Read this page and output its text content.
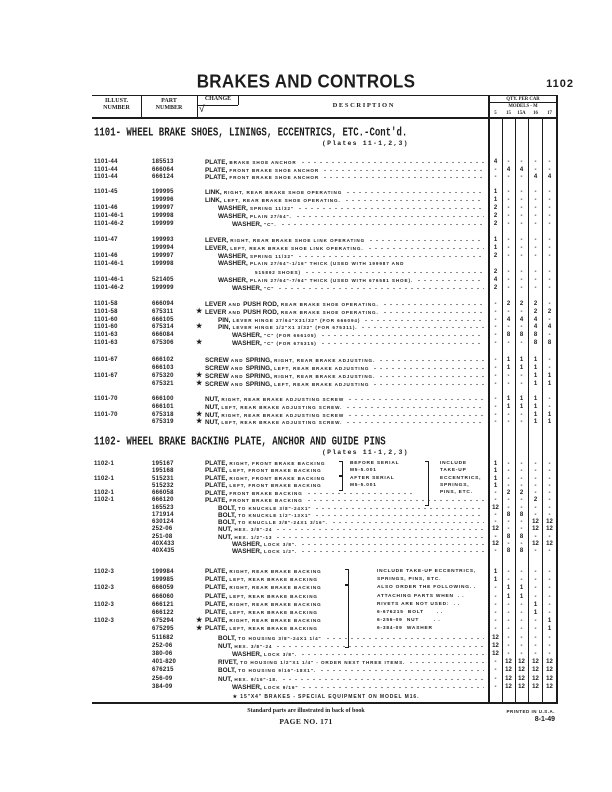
BRAKES AND CONTROLS	1102
ILLUST.
NUMBER
PART
NUMBER
CHANGE
√	D E S C R I P T I O N
QTY. PER CAR
MODELS - M
5	15	15A	16	17
1101- WHEEL BRAKE SHOES, LININGS, ECCENTRICS, ETC.-Cont'd.
(Plates 11-1,2,3)
1102- WHEEL BRAKE BACKING PLATE, ANCHOR AND GUIDE PINS
(Plates 11-1,2,3)
1101-44	185513	PLATE, BRAKE SHOE ANCHOR	4	-	-	-	-
1101-44	666064	PLATE, FRONT BRAKE SHOE ANCHOR	-	4	4	-	-
1101-44	666124	PLATE, FRONT BRAKE SHOE ANCHOR	-	-	-	4	4
1101-45	199995	LINK, RIGHT, REAR BRAKE SHOE OPERATING	1	-	-	-	-
199996	LINK, LEFT, REAR BRAKE SHOE OPERATING.	1	-	-	-	-
1101-46	199997	WASHER, SPRING 11/32"	2	-	-	-	-
1101-46-1	199998	WASHER, PLAIN 27/64".	2	-	-	-	-
1101-46-2	199999	WASHER, "C".	2	-	-	-	-
1101-47	199993	LEVER, RIGHT, REAR BRAKE SHOE LINK OPERATING	1	-	-	-	-
199994	LEVER, LEFT, REAR BRAKE SHOE LINK OPERATING.	1	-	-	-	-
1101-46	199997	WASHER, SPRING 11/32"	2	-	-	-	-
1101-46-1	199998	WASHER, PLAIN 27/64"-1/16" THICK (USED WITH 199987 AND
515892 SHOES)	2	-	-	-	-
1101-46-1	521405	WASHER, PLAIN 27/64"-7/64" THICK (USED WITH 676581 SHOE).	4	-	-	-	-
1101-46-2	199999	WASHER, "C"	2	-	-	-	-
1101-58	666094	LEVER AND PUSH ROD, REAR BRAKE SHOE OPERATING.	-	2	2	2	-
1101-58	675311	★ LEVER AND PUSH ROD, REAR BRAKE SHOE OPERATING.	-	-	-	2	2
1101-60	666105	PIN, LEVER HINGE 27/64"X31/32" (FOR 666094)	-	4	4	4	-
1101-60	675314	★ PIN, LEVER HINGE 1/2"X1 3/32" (FOR 675311).	-	-	-	4	4
1101-63	666084	WASHER, "C" (FOR 666105)	-	8	8	8	-
1101-63	675306	★	WASHER, "C" (FOR 675315)	-	-	-	8	8
1101-67	666102	SCREW AND SPRING, RIGHT, REAR BRAKE ADJUSTING.	-	1	1	1	-
666103	SCREW AND SPRING, LEFT, REAR BRAKE ADJUSTING	-	1	1	1	-
1101-67	675320	★ SCREW AND SPRING, RIGHT, REAR BRAKE ADJUSTING.	-	-	-	1	1
675321	★ SCREW AND SPRING, LEFT, REAR BRAKE ADJUSTING	-	-	-	1	1
1101-70	666100	NUT, RIGHT, REAR BRAKE ADJUSTING SCREW	-	1	1	1	-
666101	NUT, LEFT, REAR BRAKE ADJUSTING SCREW.	-	1	1	1	-
1101-70	675318	★ NUT, RIGHT, REAR BRAKE ADJUSTING SCREW	-	-	-	1	1
675319	★ NUT, LEFT, REAR BRAKE ADJUSTING SCREW.	-	-	-	1	1
1102-1	195167	PLATE, RIGHT, FRONT BRAKE BACKING	BEFORE SERIAL	INCLUDE	1	-	-	-	-
195168	PLATE, LEFT, FRONT BRAKE BACKING	M5-5.001	TAKE-UP	1	-	-	-	-
1102-1	515231	PLATE, RIGHT, FRONT BRAKE BACKING	AFTER SERIAL	ECCENTRICS,	1	-	-	-	-
515232	PLATE, LEFT, FRONT BRAKE BACKING	M5-5.001	SPRINGS,	1	-	-	-	-
1102-1	666058	PLATE, FRONT BRAKE BACKING	PINS, ETC.	-	2	2	-	-
1102-1	666120	PLATE, FRONT BRAKE BACKING	-	-	-	2	-
165523	BOLT, TO KNUCKLE 3/8"-24X1"	12	-	-	-	-
171914	BOLT, TO KNUCKLE 1/2"-13X1"	-	8	8	-	-
630124	BOLT, TO KNUCLLE 3/8"-24X1 3/16".	-	-	-	12	12
252-06	NUT, HEX. 3/8"-24	12	-	-	12	12
251-08	NUT, HEX. 1/2"-13	-	8	8	-	-
40X433	WASHER, LOCK 3/8".	12	-	-	12	12
40X435	WASHER, LOCK 1/2".	-	8	8	-	-
1102-3	199984	PLATE, RIGHT, REAR BRAKE BACKING	INCLUDE TAKE-UP ECCENTRICS,	1	-	-	-	-
199985	PLATE, LEFT, REAR BRAKE BACKING	SPRINGS, PINS, ETC.	1	-	-	-	-
1102-3	666059	PLATE, RIGHT, REAR BRAKE BACKING	ALSO ORDER THE FOLLOWING. .	-	1	1	-	-
666060	PLATE, LEFT, REAR BRAKE BACKING	ATTACHING PARTS WHEN  . .	-	1	1	-	-
1102-3	666121	PLATE, RIGHT, REAR BRAKE BACKING	RIVETS ARE NOT USED:  . .	-	-	-	1	-
666122	PLATE, LEFT, REAR BRAKE BACKING	6-676215  BOLT      . .	-	-	-	1	-
1102-3	675294	★ PLATE, RIGHT, REAR BRAKE BACKING	6-256-09  NUT       . .	-	-	-	-	1
675295	★ PLATE, LEFT, REAR BRAKE BACKING	6-384-09  WASHER	-	-	-	-	1
511682	BOLT, TO HOUSING 3/8"-24X1 1/4"	12	-	-	-	-
252-06	NUT, HEX. 3/8"-24	12	-	-	-	-
380-06	WASHER, LOCK 3/8".	12	-	-	-	-
401-820	RIVET, TO HOUSING 1/2"X1 1/4" - ORDER NEXT THREE ITEMS.	-	12	12	12	12
676215	BOLT, TO HOUSING 9/16"-18X1".	-	12	12	12	12
256-09	NUT, HEX. 9/16"-18.	-	12	12	12	12
384-09	WASHER, LOCK 9/16"	-	12	12	12	12
★ 15"X4" BRAKES - SPECIAL EQUIPMENT ON MODEL M16.
Standard parts are illustrated in back of book
PAGE NO. 171
PRINTED IN U.S.A.
8-1-49
